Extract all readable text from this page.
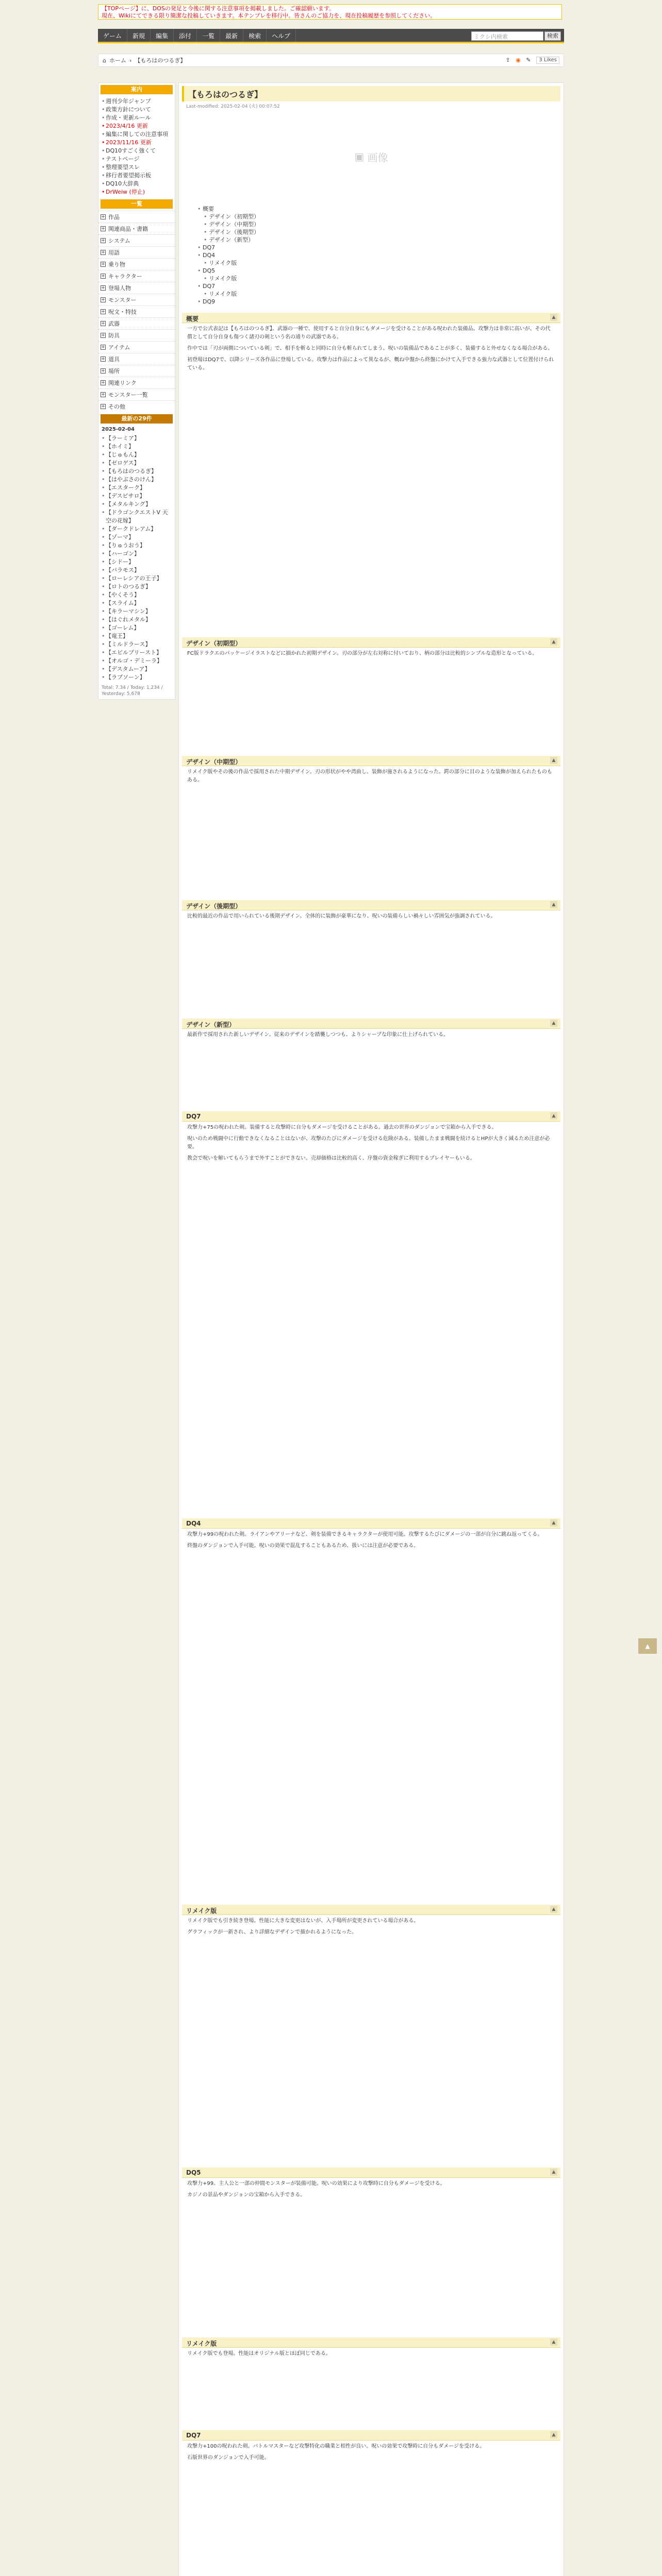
【TOPページ】に、DOSの発足と今後に関する注意事項を掲載しました。ご確認願います。
現在、Wikiにてできる限り簡潔な投稿していきます。本テンプレを移行中。皆さんのご協力を、現在投稿履歴を参照してください。
ゲーム	新規	編集	添付	一覧	最新	検索	ヘルプ	ミクシ内検索	検索
⌂ ホーム › 【もろはのつるぎ】	⇪ ◉ ✎	3 Likes
案内
• 週刊少年ジャンプ
• 政策方針について
• 作成・更新ルール
• 2023/4/16 更新
• 編集に関しての注意事項
• 2023/11/16 更新
• DQ10すごく強くて
• テストページ
• 整理要望スレ
• 移行者要望掲示板
• DQ10大辞典
• DrWeiw (停止)
一覧
+ 作品
+ 関連商品・書籍
+ システム
+ 用語
+ 乗り物
+ キャラクター
+ 登場人物
+ モンスター
+ 呪文・特技
+ 武器
+ 防具
+ アイテム
+ 道具
+ 場所
+ 関連リンク
+ モンスター一覧
+ その他
最新の29件
2025-02-04
• 【ラーミア】
• 【ホイミ】
• 【じゅもん】
• 【ゼロゲス】
• 【もろはのつるぎ】
• 【はやぶさのけん】
• 【エスターク】
• 【デスピサロ】
• 【メタルキング】
• 【ドラゴンクエストⅤ 天空の花嫁】
• 【ダークドレアム】
• 【ゾーマ】
• 【りゅうおう】
• 【ハーゴン】
• 【シドー】
• 【バラモス】
• 【ローレシアの王子】
• 【ロトのつるぎ】
• 【やくそう】
• 【スライム】
• 【キラーマシン】
• 【はぐれメタル】
• 【ゴーレム】
• 【竜王】
• 【ミルドラース】
• 【エビルプリースト】
• 【オルゴ・デミーラ】
• 【デスタムーア】
• 【ラプソーン】
Total: 7.34 / Today: 1,234 / Yesterday: 5,678
【もろはのつるぎ】
Last-modified: 2025-02-04 (火) 00:07:52
▣
画像
• 概要
• デザイン（初期型）
• デザイン（中期型）
• デザイン（後期型）
• デザイン（新型）
• DQ7
• DQ4
• リメイク版
• DQ5
• リメイク版
• DQ7
• リメイク版
• DQ9
概要	▲

一方で公式表記は【もろはのつるぎ】。武器の一種で、使用すると自分自身にもダメージを受けることがある呪われた装備品。攻撃力は非常に高いが、その代償として自分自身も傷つく諸刃の剣という名の通りの武器である。

作中では「刃が両側についている剣」で、相手を斬ると同時に自分も斬られてしまう。呪いの装備品であることが多く、装備すると外せなくなる場合がある。

初登場はDQ7で、以降シリーズ各作品に登場している。攻撃力は作品によって異なるが、概ね中盤から終盤にかけて入手できる強力な武器として位置付けられている。

デザイン（初期型）	▲

FC版ドラクエのパッケージイラストなどに描かれた初期デザイン。刃の部分が左右対称に付いており、柄の部分は比較的シンプルな造形となっている。

デザイン（中期型）	▲

リメイク版やその後の作品で採用された中期デザイン。刃の形状がやや湾曲し、装飾が施されるようになった。鍔の部分に目のような装飾が加えられたものもある。

デザイン（後期型）	▲

比較的最近の作品で用いられている後期デザイン。全体的に装飾が豪華になり、呪いの装備らしい禍々しい雰囲気が強調されている。

デザイン（新型）	▲

最新作で採用された新しいデザイン。従来のデザインを踏襲しつつも、よりシャープな印象に仕上げられている。

DQ7	▲

攻撃力+75の呪われた剣。装備すると攻撃時に自分もダメージを受けることがある。過去の世界のダンジョンで宝箱から入手できる。

呪いのため戦闘中に行動できなくなることはないが、攻撃のたびにダメージを受ける危険がある。装備したまま戦闘を続けるとHPが大きく減るため注意が必要。

教会で呪いを解いてもらうまで外すことができない。売却価格は比較的高く、序盤の資金稼ぎに利用するプレイヤーもいる。

DQ4	▲

攻撃力+99の呪われた剣。ライアンやアリーナなど、剣を装備できるキャラクターが使用可能。攻撃するたびにダメージの一部が自分に跳ね返ってくる。

終盤のダンジョンで入手可能。呪いの効果で混乱することもあるため、扱いには注意が必要である。

リメイク版	▲

リメイク版でも引き続き登場。性能に大きな変更はないが、入手場所が変更されている場合がある。

グラフィックが一新され、より詳細なデザインで描かれるようになった。

DQ5	▲

攻撃力+99。主人公と一部の仲間モンスターが装備可能。呪いの効果により攻撃時に自分もダメージを受ける。

カジノの景品やダンジョンの宝箱から入手できる。

リメイク版	▲

リメイク版でも登場。性能はオリジナル版とほぼ同じである。

DQ7	▲

攻撃力+100の呪われた剣。バトルマスターなど攻撃特化の職業と相性が良い。呪いの効果で攻撃時に自分もダメージを受ける。

石版世界のダンジョンで入手可能。

▲
